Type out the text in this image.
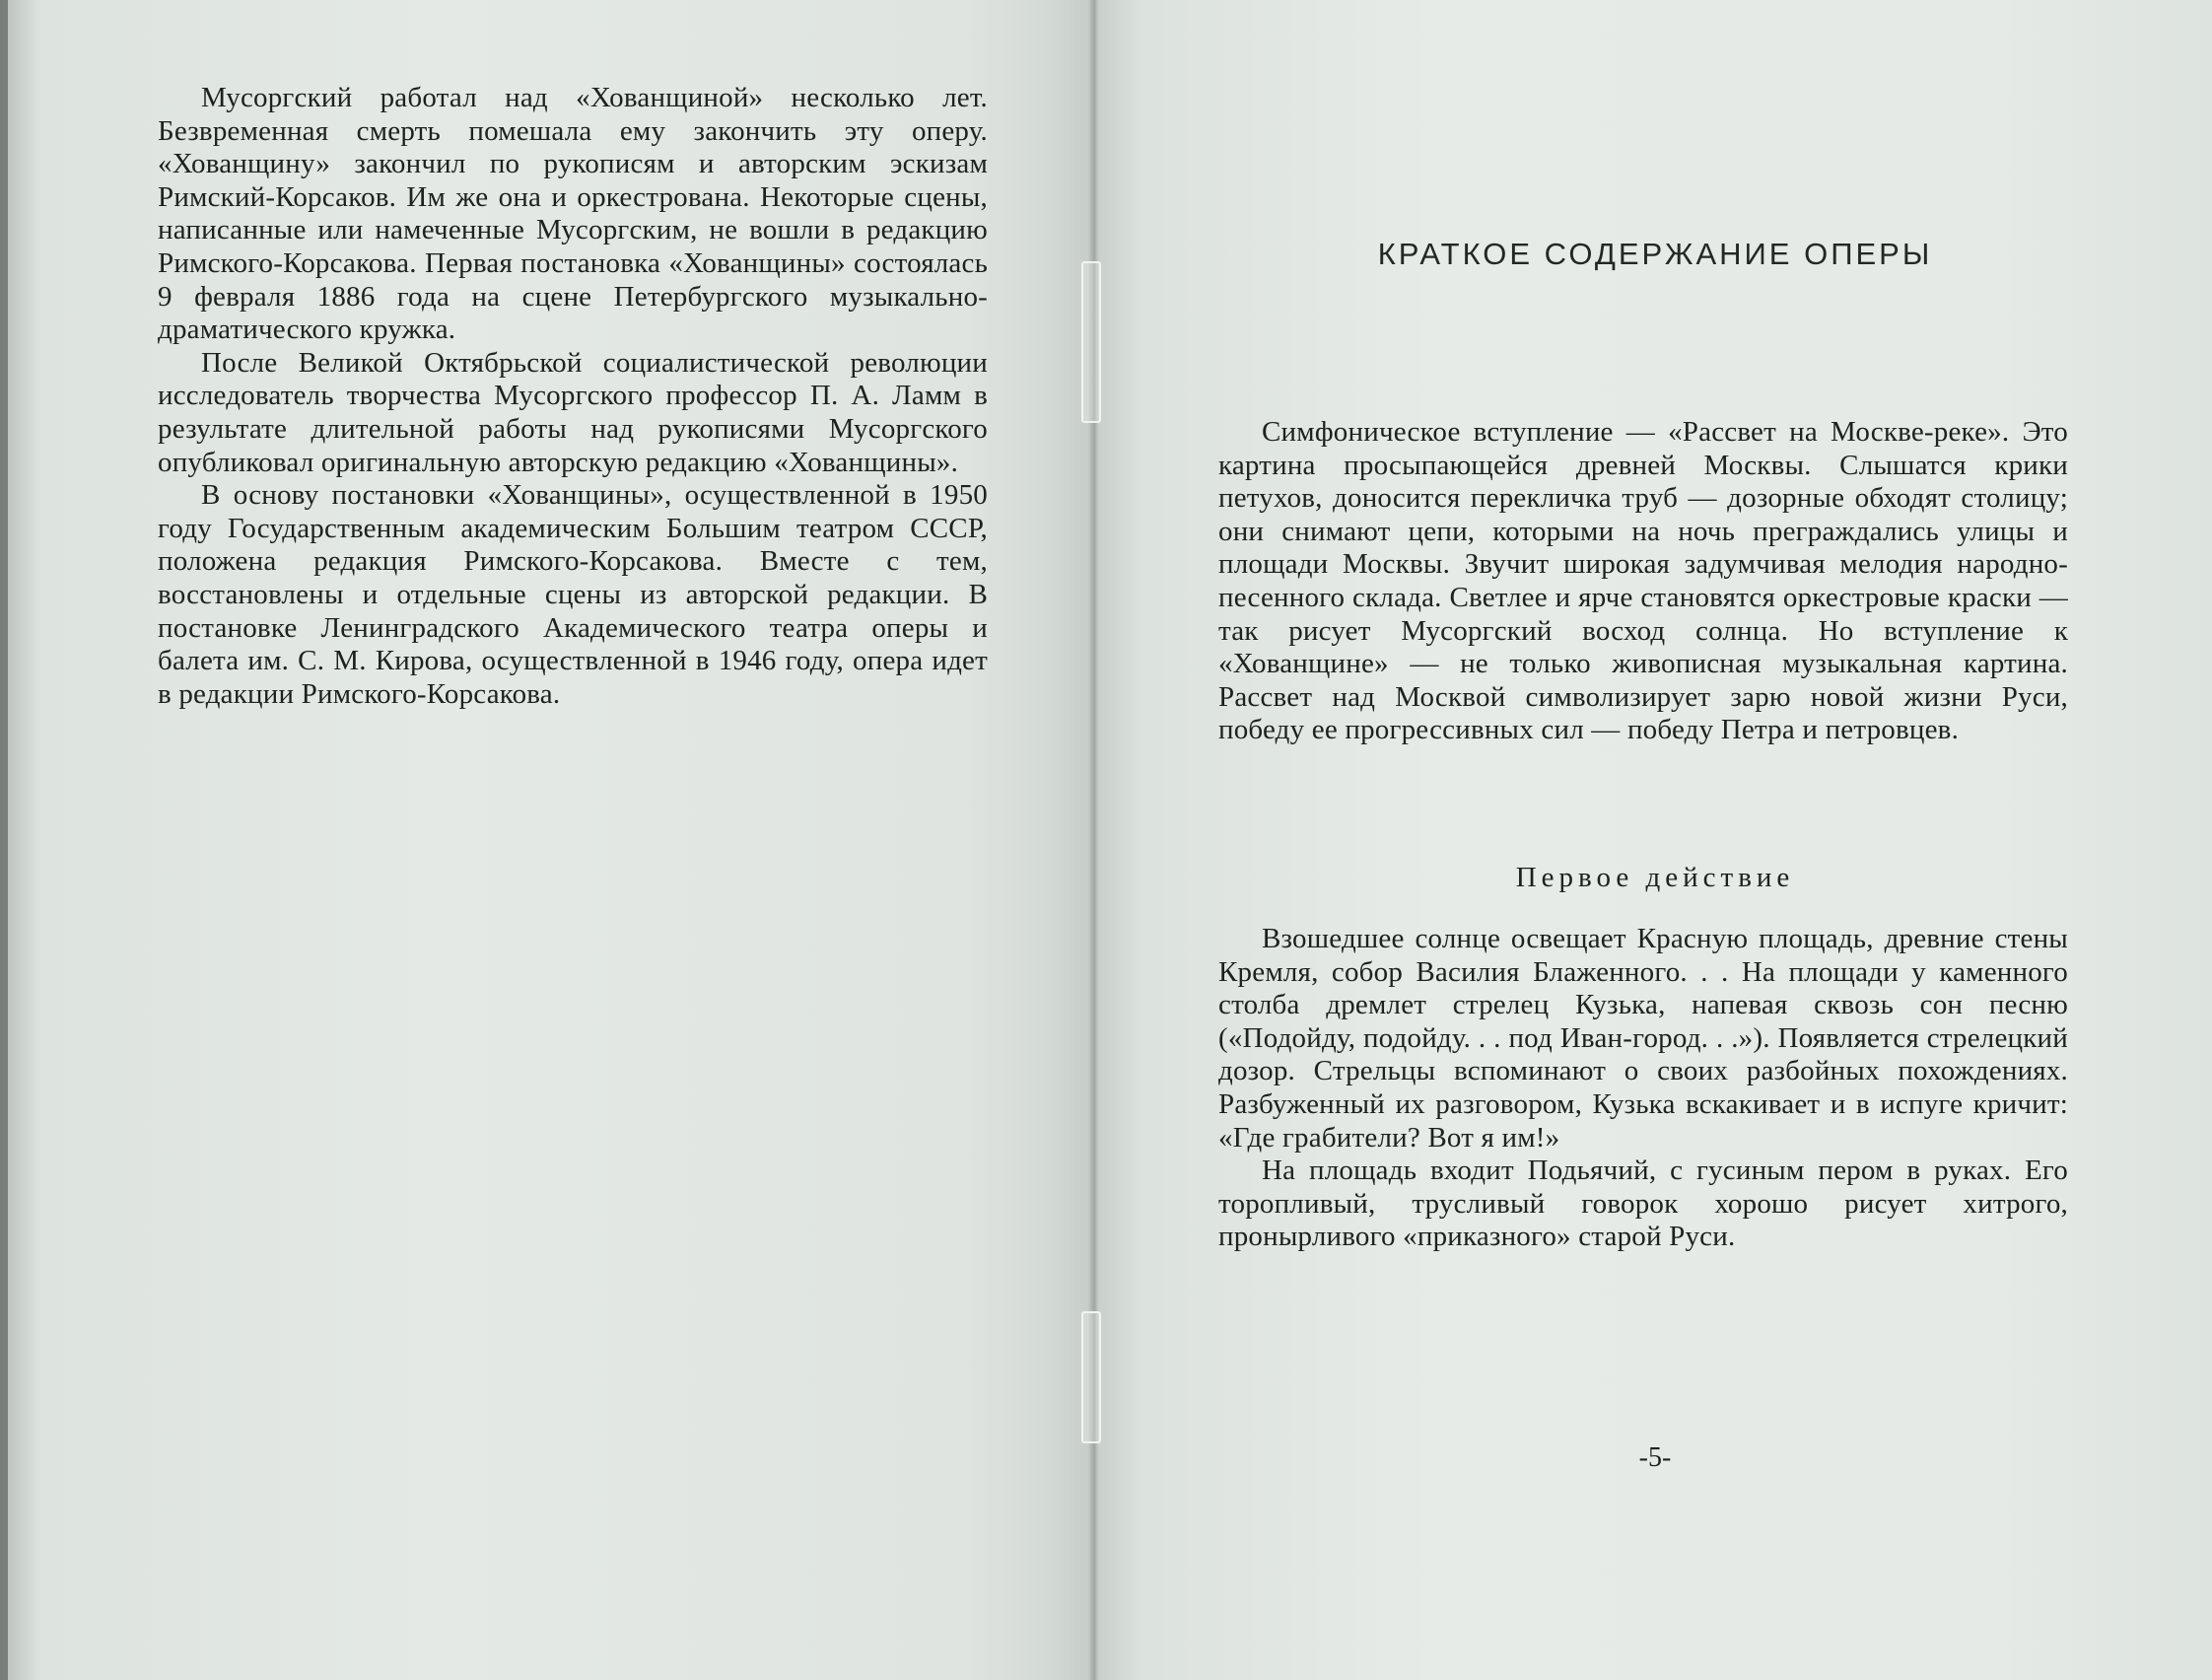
Мусоргский работал над «Хованщиной» несколько лет. Безвременная смерть помешала ему закончить эту оперу. «Хованщину» закончил по рукописям и авторским эскизам Римский-Корсаков. Им же она и оркестрована. Некоторые сцены, написанные или намеченные Мусоргским, не вошли в редакцию Римского-Корсакова. Первая постановка «Хованщины» состоялась 9 февраля 1886 года на сцене Петербургского музыкально-драматического кружка.

После Великой Октябрьской социалистической революции исследователь творчества Мусоргского профессор П. А. Ламм в результате длительной работы над рукописями Мусоргского опубликовал оригинальную авторскую редакцию «Хованщины».

В основу постановки «Хованщины», осуществленной в 1950 году Государственным академическим Большим театром СССР, положена редакция Римского-Корсакова. Вместе с тем, восстановлены и отдельные сцены из авторской редакции. В постановке Ленинградского Академического театра оперы и балета им. С. М. Кирова, осуществленной в 1946 году, опера идет в редакции Римского-Корсакова.

КРАТКОЕ СОДЕРЖАНИЕ ОПЕРЫ

Симфоническое вступление — «Рассвет на Москве-реке». Это картина просыпающейся древней Москвы. Слышатся крики петухов, доносится перекличка труб — дозорные обходят столицу; они снимают цепи, которыми на ночь преграждались улицы и площади Москвы. Звучит широкая задумчивая мелодия народно-песенного склада. Светлее и ярче становятся оркестровые краски — так рисует Мусоргский восход солнца. Но вступление к «Хованщине» — не только живописная музыкальная картина. Рассвет над Москвой символизирует зарю новой жизни Руси, победу ее прогрессивных сил — победу Петра и петровцев.

Первое действие

Взошедшее солнце освещает Красную площадь, древние стены Кремля, собор Василия Блаженного. . . На площади у каменного столба дремлет стрелец Кузька, напевая сквозь сон песню («Подойду, подойду. . . под Иван-город. . .»). Появляется стрелецкий дозор. Стрельцы вспоминают о своих разбойных похождениях. Разбуженный их разговором, Кузька вскакивает и в испуге кричит: «Где грабители? Вот я им!»

На площадь входит Подьячий, с гусиным пером в руках. Его торопливый, трусливый говорок хорошо рисует хитрого, пронырливого «приказного» старой Руси.

-5-
